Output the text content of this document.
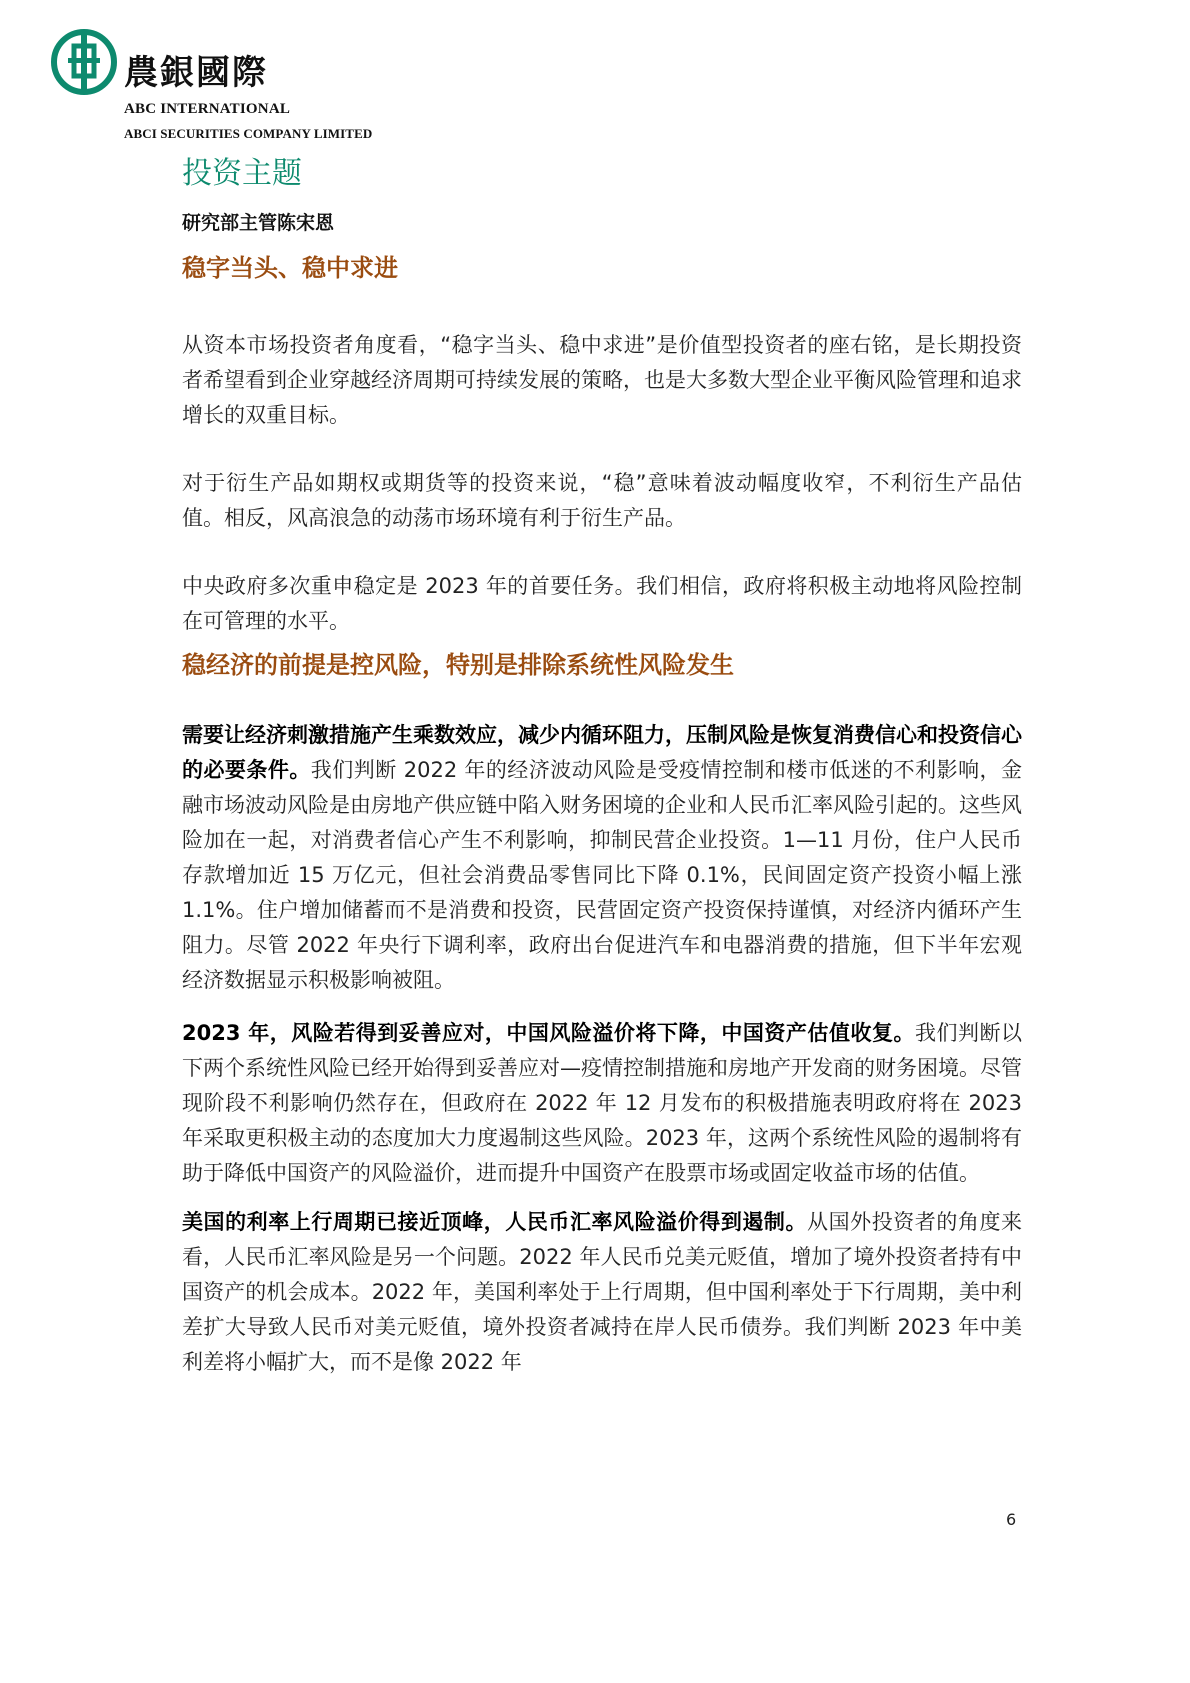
農銀國際
ABC INTERNATIONAL
ABCI SECURITIES COMPANY LIMITED
投资主题
研究部主管陈宋恩
稳字当头、稳中求进

从资本市场投资者角度看，“稳字当头、稳中求进”是价值型投资者的座右铭，是长期投资者希望看到企业穿越经济周期可持续发展的策略，也是大多数大型企业平衡风险管理和追求增长的双重目标。

对于衍生产品如期权或期货等的投资来说，“稳”意味着波动幅度收窄，不利衍生产品估值。相反，风高浪急的动荡市场环境有利于衍生产品。

中央政府多次重申稳定是 2023 年的首要任务。我们相信，政府将积极主动地将风险控制在可管理的水平。

稳经济的前提是控风险，特别是排除系统性风险发生

需要让经济刺激措施产生乘数效应，减少内循环阻力，压制风险是恢复消费信心和投资信心的必要条件。我们判断 2022 年的经济波动风险是受疫情控制和楼市低迷的不利影响，金融市场波动风险是由房地产供应链中陷入财务困境的企业和人民币汇率风险引起的。这些风险加在一起，对消费者信心产生不利影响，抑制民营企业投资。1—11 月份，住户人民币存款增加近 15 万亿元，但社会消费品零售同比下降 0.1%，民间固定资产投资小幅上涨 1.1%。住户增加储蓄而不是消费和投资，民营固定资产投资保持谨慎，对经济内循环产生阻力。尽管 2022 年央行下调利率，政府出台促进汽车和电器消费的措施，但下半年宏观经济数据显示积极影响被阻。

2023 年，风险若得到妥善应对，中国风险溢价将下降，中国资产估值收复。我们判断以下两个系统性风险已经开始得到妥善应对—疫情控制措施和房地产开发商的财务困境。尽管现阶段不利影响仍然存在，但政府在 2022 年 12 月发布的积极措施表明政府将在 2023 年采取更积极主动的态度加大力度遏制这些风险。2023 年，这两个系统性风险的遏制将有助于降低中国资产的风险溢价，进而提升中国资产在股票市场或固定收益市场的估值。

美国的利率上行周期已接近顶峰，人民币汇率风险溢价得到遏制。从国外投资者的角度来看，人民币汇率风险是另一个问题。2022 年人民币兑美元贬值，增加了境外投资者持有中国资产的机会成本。2022 年，美国利率处于上行周期，但中国利率处于下行周期，美中利差扩大导致人民币对美元贬值，境外投资者减持在岸人民币债券。我们判断 2023 年中美利差将小幅扩大，而不是像 2022 年

6
